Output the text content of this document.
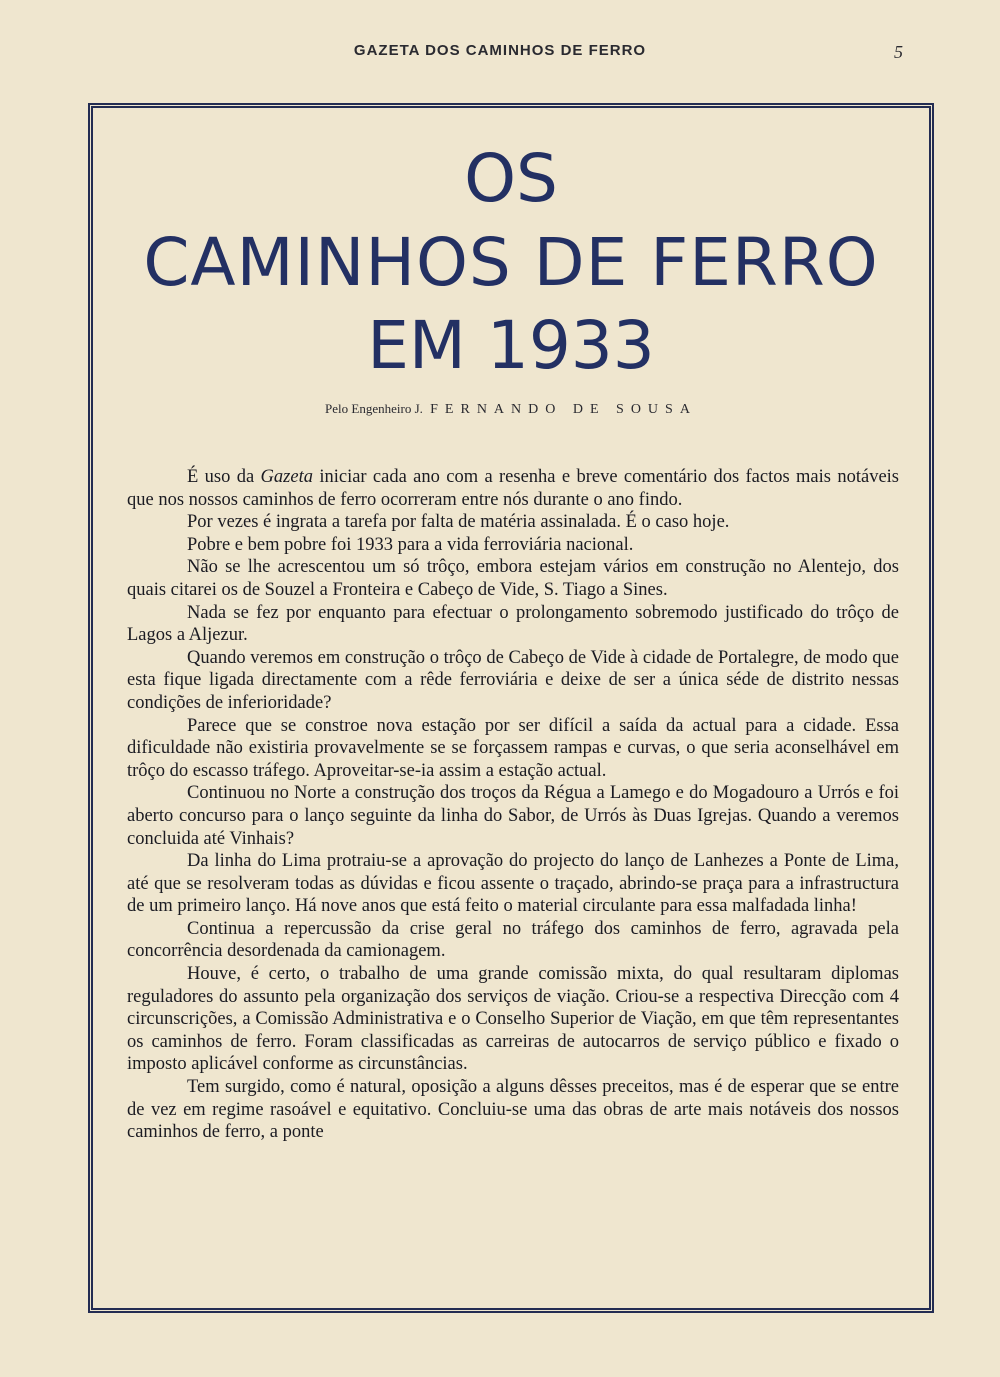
GAZETA DOS CAMINHOS DE FERRO	5
OS
CAMINHOS DE FERRO
EM 1933
Pelo Engenheiro J. FERNANDO DE SOUSA

É uso da Gazeta iniciar cada ano com a resenha e breve comentário dos factos mais notáveis que nos nossos caminhos de ferro ocorreram entre nós durante o ano findo.

Por vezes é ingrata a tarefa por falta de matéria assinalada. É o caso hoje.

Pobre e bem pobre foi 1933 para a vida ferroviária nacional.

Não se lhe acrescentou um só trôço, embora estejam vários em construção no Alentejo, dos quais citarei os de Souzel a Fronteira e Cabeço de Vide, S. Tiago a Sines.

Nada se fez por enquanto para efectuar o prolongamento sobremodo justificado do trôço de Lagos a Aljezur.

Quando veremos em construção o trôço de Cabeço de Vide à cidade de Portalegre, de modo que esta fique ligada directamente com a rêde ferroviária e deixe de ser a única séde de distrito nessas condições de inferioridade?

Parece que se constroe nova estação por ser difícil a saída da actual para a cidade. Essa dificuldade não existiria provavelmente se se forçassem rampas e curvas, o que seria aconselhável em trôço do escasso tráfego. Aproveitar-se-ia assim a estação actual.

Continuou no Norte a construção dos troços da Régua a Lamego e do Mogadouro a Urrós e foi aberto concurso para o lanço seguinte da linha do Sabor, de Urrós às Duas Igrejas. Quando a veremos concluida até Vinhais?

Da linha do Lima protraiu-se a aprovação do projecto do lanço de Lanhezes a Ponte de Lima, até que se resolveram todas as dúvidas e ficou assente o traçado, abrindo-se praça para a infrastructura de um primeiro lanço. Há nove anos que está feito o material circulante para essa malfadada linha!

Continua a repercussão da crise geral no tráfego dos caminhos de ferro, agravada pela concorrência desordenada da camionagem.

Houve, é certo, o trabalho de uma grande comissão mixta, do qual resultaram diplomas reguladores do assunto pela organização dos serviços de viação. Criou-se a respectiva Direcção com 4 circunscrições, a Comissão Administrativa e o Conselho Superior de Viação, em que têm representantes os caminhos de ferro. Foram classificadas as carreiras de autocarros de serviço público e fixado o imposto aplicável conforme as circunstâncias.

Tem surgido, como é natural, oposição a alguns dêsses preceitos, mas é de esperar que se entre de vez em regime rasoável e equitativo. Concluiu-se uma das obras de arte mais notáveis dos nossos caminhos de ferro, a ponte
